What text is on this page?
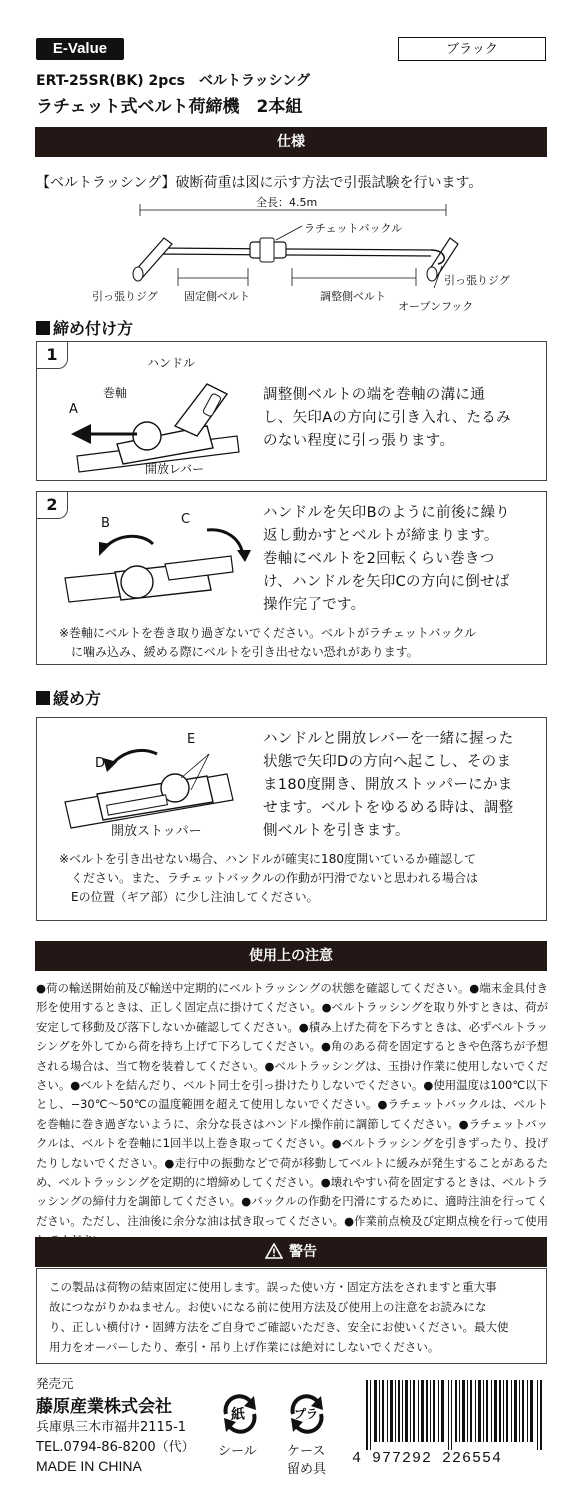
E-Value	ブラック
ERT-25SR(BK) 2pcs　ベルトラッシング
ラチェット式ベルト荷締機　2本組
仕様
【ベルトラッシング】破断荷重は図に示す方法で引張試験を行います。
全長：4.5m
ラチェットバックル
引っ張りジグ
引っ張りジグ
固定側ベルト	調整側ベルト
オープンフック
締め付け方
1	ハンドル
巻軸
A
開放レバー
調整側ベルトの端を巻軸の溝に通
し、矢印Aの方向に引き入れ、たるみ
のない程度に引っ張ります。
2
B	C	ハンドルを矢印Bのように前後に繰り
返し動かすとベルトが締まります。
巻軸にベルトを2回転くらい巻きつ
け、ハンドルを矢印Cの方向に倒せば
操作完了です。
※巻軸にベルトを巻き取り過ぎないでください。ベルトがラチェットバックル
に噛み込み、緩める際にベルトを引き出せない恐れがあります。
緩め方
E
D
開放ストッパー
ハンドルと開放レバーを一緒に握った
状態で矢印Dの方向へ起こし、そのま
ま180度開き、開放ストッパーにかま
せます。ベルトをゆるめる時は、調整
側ベルトを引きます。
※ベルトを引き出せない場合、ハンドルが確実に180度開いているか確認して
ください。また、ラチェットバックルの作動が円滑でないと思われる場合は
Eの位置（ギア部）に少し注油してください。
使用上の注意
●荷の輸送開始前及び輸送中定期的にベルトラッシングの状態を確認してください。●端末金具付き形を使用するときは、正しく固定点に掛けてください。●ベルトラッシングを取り外すときは、荷が安定して移動及び落下しないか確認してください。●積み上げた荷を下ろすときは、必ずベルトラッシングを外してから荷を持ち上げて下ろしてください。●角のある荷を固定するときや色落ちが予想される場合は、当て物を装着してください。●ベルトラッシングは、玉掛け作業に使用しないでください。●ベルトを結んだり、ベルト同士を引っ掛けたりしないでください。●使用温度は100℃以下とし、−30℃〜50℃の温度範囲を超えて使用しないでください。●ラチェットバックルは、ベルトを巻軸に巻き過ぎないように、余分な長さはハンドル操作前に調節してください。●ラチェットバックルは、ベルトを巻軸に1回半以上巻き取ってください。●ベルトラッシングを引きずったり、投げたりしないでください。●走行中の振動などで荷が移動してベルトに緩みが発生することがあるため、ベルトラッシングを定期的に増締めしてください。●壊れやすい荷を固定するときは、ベルトラッシングの締付力を調節してください。●バックルの作動を円滑にするために、適時注油を行ってください。ただし、注油後に余分な油は拭き取ってください。●作業前点検及び定期点検を行って使用
警告
この製品は荷物の結束固定に使用します。誤った使い方・固定方法をされますと重大事
故につながりかねません。お使いになる前に使用方法及び使用上の注意をお読みにな
り、正しい横付け・固縛方法をご自身でご確認いただき、安全にお使いください。最大使
用力をオーバーしたり、牽引・吊り上げ作業には絶対にしないでください。
発売元
藤原産業株式会社
兵庫県三木市福井2115-1
TEL.0794-86-8200（代）
MADE IN CHINA
紙
シール
プラ
ケース
留め具
4 977292 226554
